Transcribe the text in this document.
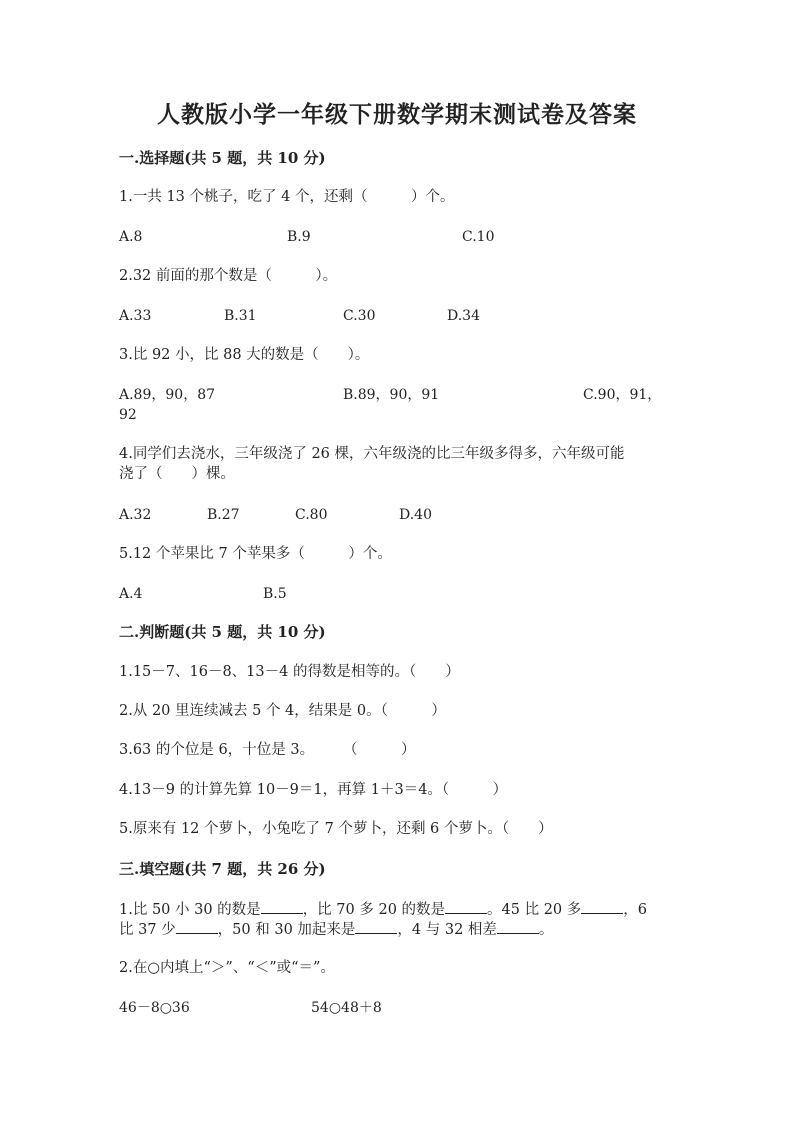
人教版小学一年级下册数学期末测试卷及答案

一.选择题(共 5 题，共 10 分)

1.一共 13 个桃子，吃了 4 个，还剩（　　　）个。

A.8	B.9	C.10

2.32 前面的那个数是（　　　）。

A.33	B.31	C.30	D.34

3.比 92 小，比 88 大的数是（　　）。

A.89，90，87	B.89，90，91	C.90，91，
92

4.同学们去浇水，三年级浇了 26 棵，六年级浇的比三年级多得多，六年级可能

浇了（　　）棵。

A.32	B.27	C.80	D.40

5.12 个苹果比 7 个苹果多（　　　）个。

A.4	B.5

二.判断题(共 5 题，共 10 分)

1.15－7、16－8、13－4 的得数是相等的。（　　）

2.从 20 里连续减去 5 个 4，结果是 0。（　　　）

3.63 的个位是 6，十位是 3。　　　（　　　）

4.13－9 的计算先算 10－9＝1，再算 1＋3＝4。（　　　）

5.原来有 12 个萝卜，小兔吃了 7 个萝卜，还剩 6 个萝卜。（　　）

三.填空题(共 7 题，共 26 分)

1.比 50 小 30 的数是	，比 70 多 20 的数是	。45 比 20 多	，6

比 37 少	，50 和 30 加起来是	，4 与 32 相差	。

2.在○内填上“＞”、“＜”或“＝”。

46－8○36	54○48＋8
